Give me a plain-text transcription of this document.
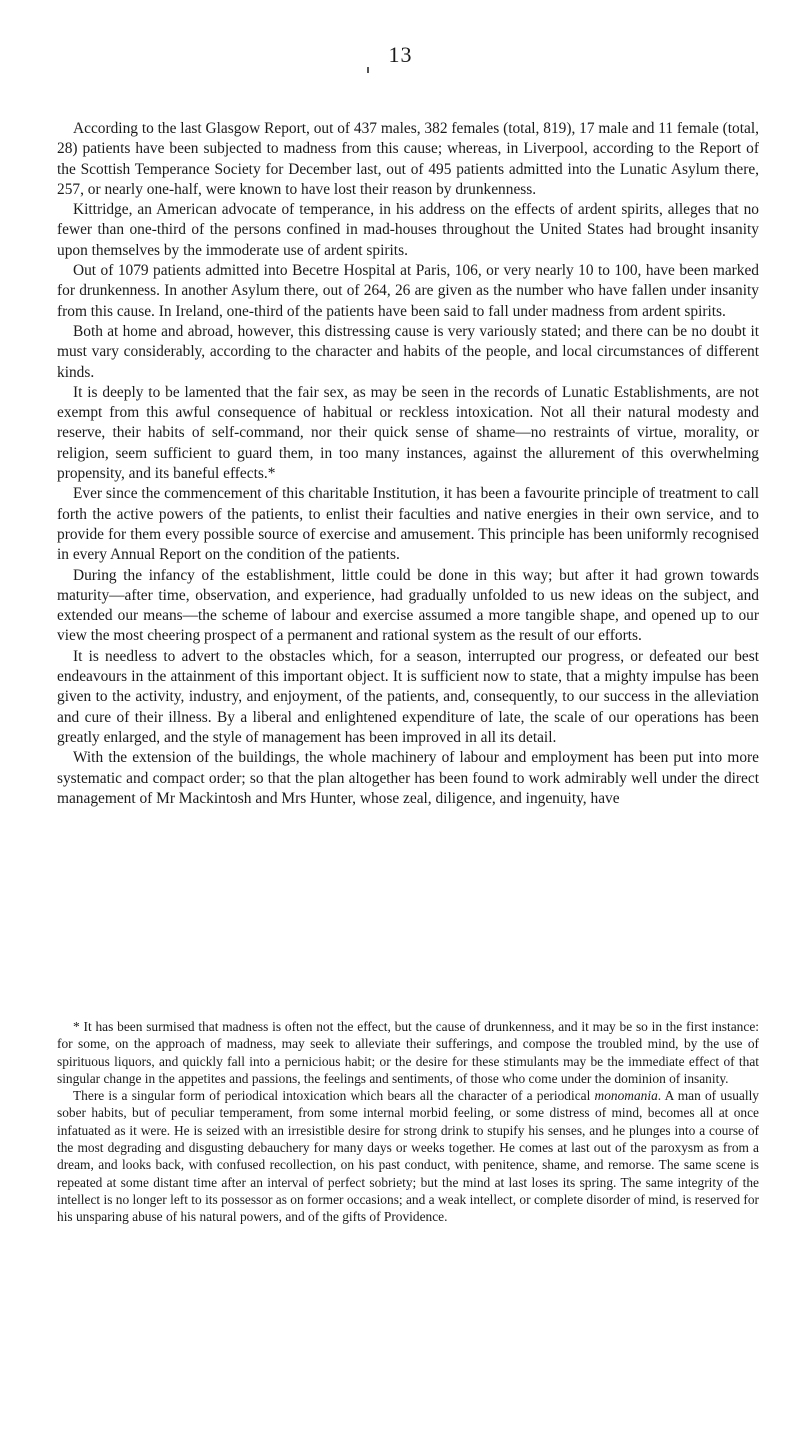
13

According to the last Glasgow Report, out of 437 males, 382 females (total, 819), 17 male and 11 female (total, 28) patients have been subjected to madness from this cause; whereas, in Liverpool, according to the Report of the Scottish Temperance Society for December last, out of 495 patients admitted into the Lunatic Asylum there, 257, or nearly one-half, were known to have lost their reason by drunkenness.

Kittridge, an American advocate of temperance, in his address on the effects of ardent spirits, alleges that no fewer than one-third of the persons confined in mad-houses throughout the United States had brought insanity upon themselves by the immoderate use of ardent spirits.

Out of 1079 patients admitted into Becetre Hospital at Paris, 106, or very nearly 10 to 100, have been marked for drunkenness. In another Asylum there, out of 264, 26 are given as the number who have fallen under insanity from this cause. In Ireland, one-third of the patients have been said to fall under madness from ardent spirits.

Both at home and abroad, however, this distressing cause is very variously stated; and there can be no doubt it must vary considerably, according to the character and habits of the people, and local circumstances of different kinds.

It is deeply to be lamented that the fair sex, as may be seen in the records of Lunatic Establishments, are not exempt from this awful consequence of habitual or reckless intoxication. Not all their natural modesty and reserve, their habits of self-command, nor their quick sense of shame—no restraints of virtue, morality, or religion, seem sufficient to guard them, in too many instances, against the allurement of this overwhelming propensity, and its baneful effects.*

Ever since the commencement of this charitable Institution, it has been a favourite principle of treatment to call forth the active powers of the patients, to enlist their faculties and native energies in their own service, and to provide for them every possible source of exercise and amusement. This principle has been uniformly recognised in every Annual Report on the condition of the patients.

During the infancy of the establishment, little could be done in this way; but after it had grown towards maturity—after time, observation, and experience, had gradually unfolded to us new ideas on the subject, and extended our means—the scheme of labour and exercise assumed a more tangible shape, and opened up to our view the most cheering prospect of a permanent and rational system as the result of our efforts.

It is needless to advert to the obstacles which, for a season, interrupted our progress, or defeated our best endeavours in the attainment of this important object. It is sufficient now to state, that a mighty impulse has been given to the activity, industry, and enjoyment, of the patients, and, consequently, to our success in the alleviation and cure of their illness. By a liberal and enlightened expenditure of late, the scale of our operations has been greatly enlarged, and the style of management has been improved in all its detail.

With the extension of the buildings, the whole machinery of labour and employment has been put into more systematic and compact order; so that the plan altogether has been found to work admirably well under the direct management of Mr Mackintosh and Mrs Hunter, whose zeal, diligence, and ingenuity, have

* It has been surmised that madness is often not the effect, but the cause of drunkenness, and it may be so in the first instance: for some, on the approach of madness, may seek to alleviate their sufferings, and compose the troubled mind, by the use of spirituous liquors, and quickly fall into a pernicious habit; or the desire for these stimulants may be the immediate effect of that singular change in the appetites and passions, the feelings and sentiments, of those who come under the dominion of insanity.

There is a singular form of periodical intoxication which bears all the character of a periodical monomania. A man of usually sober habits, but of peculiar temperament, from some internal morbid feeling, or some distress of mind, becomes all at once infatuated as it were. He is seized with an irresistible desire for strong drink to stupify his senses, and he plunges into a course of the most degrading and disgusting debauchery for many days or weeks together. He comes at last out of the paroxysm as from a dream, and looks back, with confused recollection, on his past conduct, with penitence, shame, and remorse. The same scene is repeated at some distant time after an interval of perfect sobriety; but the mind at last loses its spring. The same integrity of the intellect is no longer left to its possessor as on former occasions; and a weak intellect, or complete disorder of mind, is reserved for his unsparing abuse of his natural powers, and of the gifts of Providence.
